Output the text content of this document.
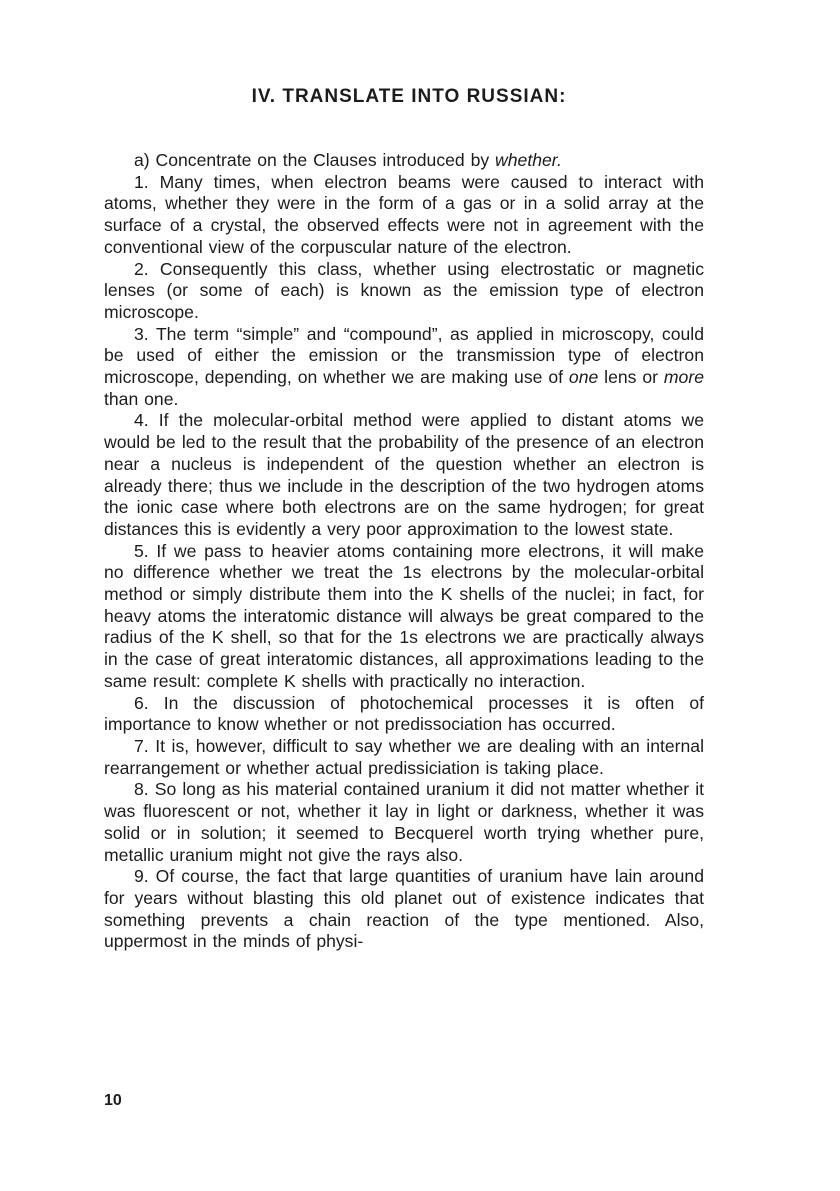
IV. TRANSLATE INTO RUSSIAN:

a) Concentrate on the Clauses introduced by whether.

1. Many times, when electron beams were caused to interact with atoms, whether they were in the form of a gas or in a solid array at the surface of a crystal, the observed effects were not in agreement with the conventional view of the corpuscular nature of the electron.

2. Consequently this class, whether using electrostatic or magnetic lenses (or some of each) is known as the emission type of electron microscope.

3. The term “simple” and “compound”, as applied in microscopy, could be used of either the emission or the transmission type of electron microscope, depending, on whether we are making use of one lens or more than one.

4. If the molecular-orbital method were applied to distant atoms we would be led to the result that the probability of the presence of an electron near a nucleus is independent of the question whether an electron is already there; thus we include in the description of the two hydrogen atoms the ionic case where both electrons are on the same hydrogen; for great distances this is evidently a very poor approximation to the lowest state.

5. If we pass to heavier atoms containing more electrons, it will make no difference whether we treat the 1s electrons by the molecular-orbital method or simply distribute them into the K shells of the nuclei; in fact, for heavy atoms the interatomic distance will always be great compared to the radius of the K shell, so that for the 1s electrons we are practically always in the case of great interatomic distances, all approximations leading to the same result: complete K shells with practically no interaction.

6. In the discussion of photochemical processes it is often of importance to know whether or not predissociation has occurred.

7. It is, however, difficult to say whether we are dealing with an internal rearrangement or whether actual predissiciation is taking place.

8. So long as his material contained uranium it did not matter whether it was fluorescent or not, whether it lay in light or darkness, whether it was solid or in solution; it seemed to Becquerel worth trying whether pure, metallic uranium might not give the rays also.

9. Of course, the fact that large quantities of uranium have lain around for years without blasting this old planet out of existence indicates that something prevents a chain reaction of the type mentioned. Also, uppermost in the minds of physi-

10
